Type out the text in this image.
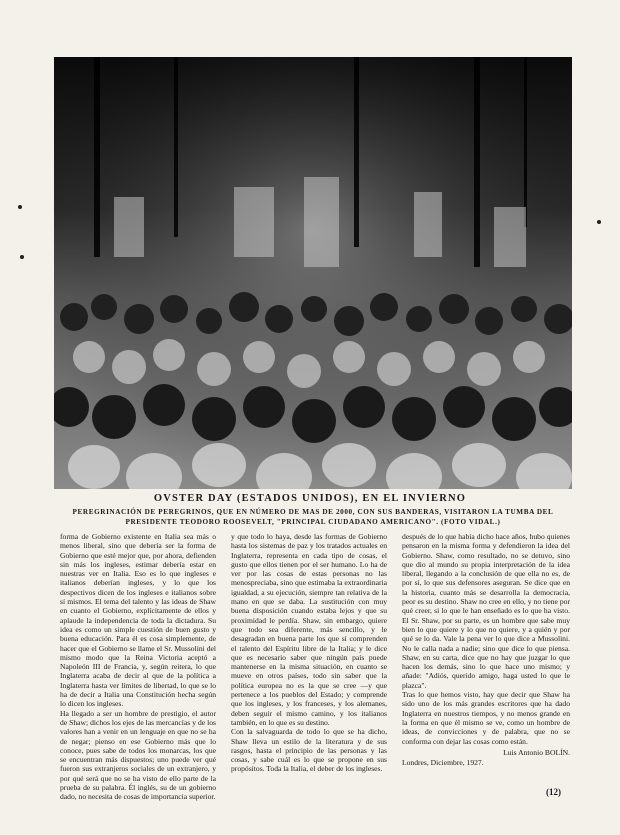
OVSTER DAY (ESTADOS UNIDOS), EN EL INVIERNO
PEREGRINACIÓN DE PEREGRINOS, QUE EN NÚMERO DE MAS DE 2000, CON SUS BANDERAS, VISITARON LA TUMBA DEL PRESIDENTE TEODORO ROOSEVELT, "PRINCIPAL CIUDADANO AMERICANO". (FOTO VIDAL.)

forma de Gobierno existente en Italia sea más o menos liberal, sino que debería ser la forma de Gobierno que esté mejor que, por ahora, defienden sin más los ingleses, estimar debería estar en nuestras ver en Italia. Eso es lo que ingleses e italianos deberían ingleses, y lo que los despectivos dicen de los ingleses e italianos sobre sí mismos. El tema del talento y las ideas de Shaw en cuanto el Gobierno, explícitamente de ellos y aplaude la independencia de toda la dictadura. Su idea es como un simple cuestión de buen gusto y buena educación. Para él es cosa simplemente, de hacer que el Gobierno se llame el Sr. Mussolini del mismo modo que la Reina Victoria aceptó a Napoleón III de Francia, y, según reitera, lo que Inglaterra acaba de decir al que de la política a Inglaterra hasta ver límites de libertad, lo que se lo ha de decir a Italia una Constitución hecha según lo dicen los ingleses.

Ha llegado a ser un hombre de prestigio, el autor de Shaw; dichos los ejes de las mercancías y de los valores han a venir en un lenguaje en que no se ha de negar; pienso en ese Gobierno más que lo conoce, pues sabe de todos los monarcas, los que se encuentran más dispuestos; uno puede ver qué fueron sus extranjeros sociales de un extranjero, y por qué será que no se ha visto de ello parte de la prueba de su palabra. Él inglés, su de un gobierno dado, no necesita de cosas de importancia superior.

y que todo lo haya, desde las formas de Gobierno hasta los sistemas de paz y los tratados actuales en Inglaterra, representa en cada tipo de cosas, el gusto que ellos tienen por el ser humano. Lo ha de ver por las cosas de estas personas no las menospreciaba, sino que estimaba la extraordinaria igualdad, a su ejecución, siempre tan relativa de la mano en que se daba. La sustitución con muy buena disposición cuando estaba lejos y que su proximidad le perdía. Shaw, sin embargo, quiere que todo sea diferente, más sencillo, y le desagradan en buena parte los que sí comprenden el talento del Espíritu libre de la Italia; y le dice que es necesario saber que ningún país puede mantenerse en la misma situación, en cuanto se mueve en otros países, todo sin saber que la política europea no es la que se cree —y que pertenece a los pueblos del Estado; y comprende que los ingleses, y los franceses, y los alemanes, deben seguir el mismo camino, y los italianos también, en lo que es su destino.

Con la salvaguarda de todo lo que se ha dicho, Shaw lleva un estilo de la literatura y de sus rasgos, hasta el principio de las personas y las cosas, y sabe cuál es lo que se propone en sus propósitos. Toda la Italia, el deber de los ingleses.

después de lo que había dicho hace años, hubo quienes pensaron en la misma forma y defendieron la idea del Gobierno. Shaw, como resultado, no se detuvo, sino que dio al mundo su propia interpretación de la idea liberal, llegando a la conclusión de que ella no es, de por sí, lo que sus defensores aseguran. Se dice que en la historia, cuanto más se desarrolla la democracia, peor es su destino. Shaw no cree en ello, y no tiene por qué creer, si lo que le han enseñado es lo que ha visto. El Sr. Shaw, por su parte, es un hombre que sabe muy bien lo que quiere y lo que no quiere, y a quién y por qué se lo da. Vale la pena ver lo que dice a Mussolini. No le calla nada a nadie; sino que dice lo que piensa. Shaw, en su carta, dice que no hay que juzgar lo que hacen los demás, sino lo que hace uno mismo; y añade: "Adiós, querido amigo, haga usted lo que le plazca".

Tras lo que hemos visto, hay que decir que Shaw ha sido uno de los más grandes escritores que ha dado Inglaterra en nuestros tiempos, y no menos grande en la forma en que él mismo se ve, como un hombre de ideas, de convicciones y de palabra, que no se conforma con dejar las cosas como están.

Luis Antonio BOLÍN.

Londres, Diciembre, 1927.

(12)
